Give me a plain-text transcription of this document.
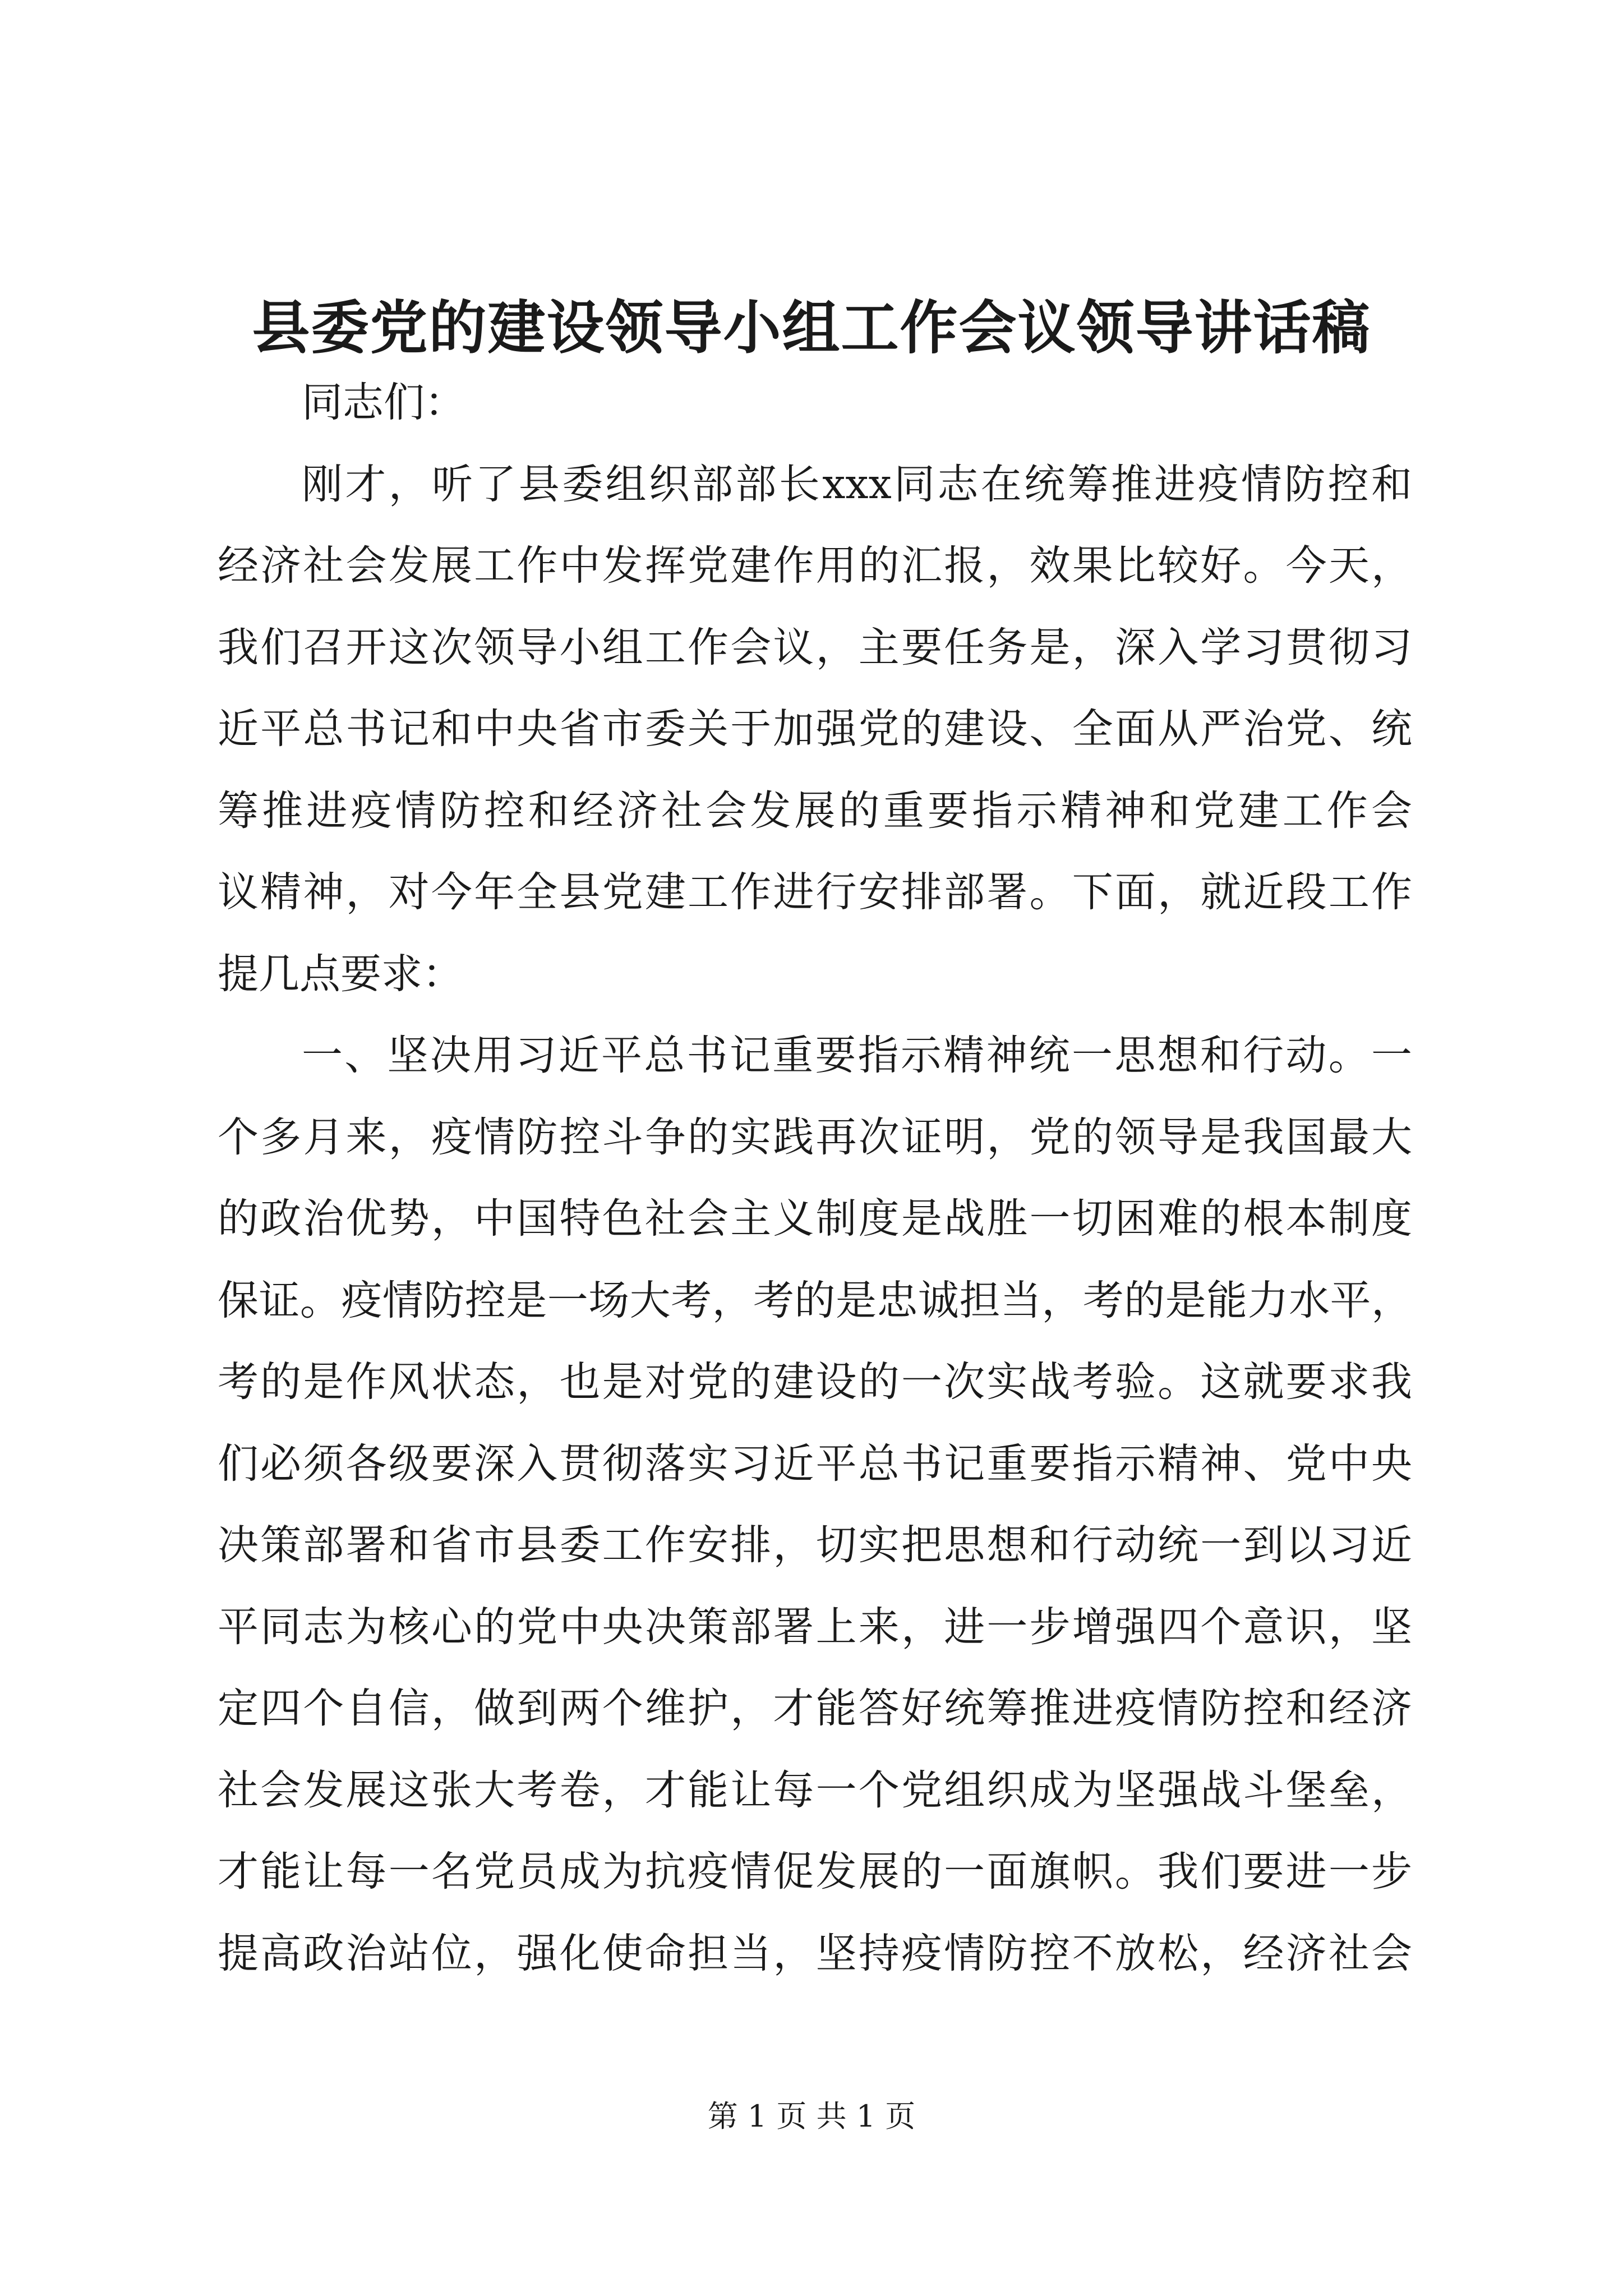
县委党的建设领导小组工作会议领导讲话稿
同志们：
刚才，听了县委组织部部长xxx同志在统筹推进疫情防控和
经济社会发展工作中发挥党建作用的汇报，效果比较好。今天，
我们召开这次领导小组工作会议，主要任务是，深入学习贯彻习
近平总书记和中央省市委关于加强党的建设、全面从严治党、统
筹推进疫情防控和经济社会发展的重要指示精神和党建工作会
议精神，对今年全县党建工作进行安排部署。下面，就近段工作
提几点要求：
一、坚决用习近平总书记重要指示精神统一思想和行动。一
个多月来，疫情防控斗争的实践再次证明，党的领导是我国最大
的政治优势，中国特色社会主义制度是战胜一切困难的根本制度
保证。疫情防控是一场大考，考的是忠诚担当，考的是能力水平，
考的是作风状态，也是对党的建设的一次实战考验。这就要求我
们必须各级要深入贯彻落实习近平总书记重要指示精神、党中央
决策部署和省市县委工作安排，切实把思想和行动统一到以习近
平同志为核心的党中央决策部署上来，进一步增强四个意识，坚
定四个自信，做到两个维护，才能答好统筹推进疫情防控和经济
社会发展这张大考卷，才能让每一个党组织成为坚强战斗堡垒，
才能让每一名党员成为抗疫情促发展的一面旗帜。我们要进一步
提高政治站位，强化使命担当，坚持疫情防控不放松，经济社会
第 1 页 共 1 页
